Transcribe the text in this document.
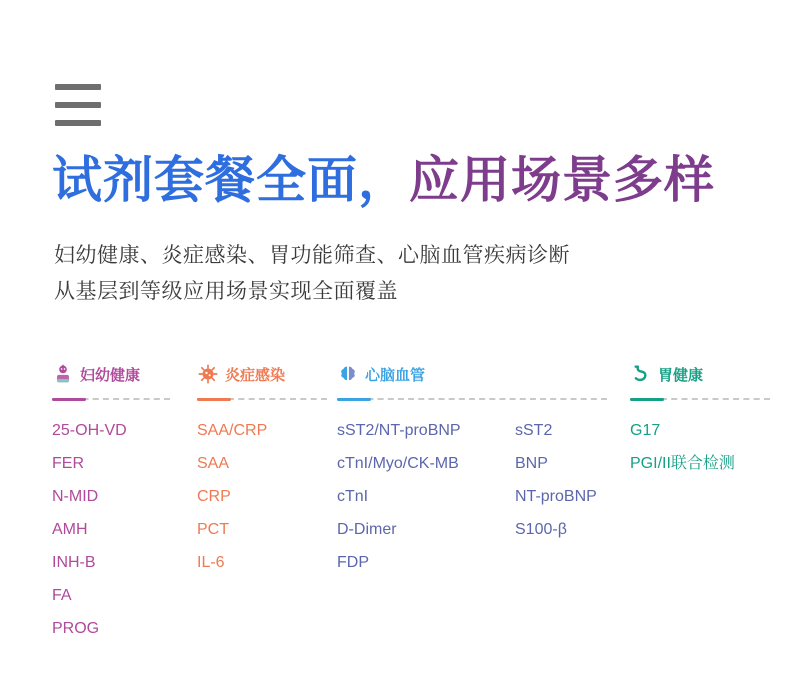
试剂套餐全面，应用场景多样
妇幼健康、炎症感染、胃功能筛查、心脑血管疾病诊断
从基层到等级应用场景实现全面覆盖
妇幼健康
25-OH-VD
FER
N-MID
AMH
INH-B
FA
PROG
炎症感染
SAA/CRP
SAA
CRP
PCT
IL-6
心脑血管
sST2/NT-proBNP
cTnI/Myo/CK-MB
cTnI
D-Dimer
FDP
sST2
BNP
NT-proBNP
S100-β
胃健康
G17
PGI/II联合检测
